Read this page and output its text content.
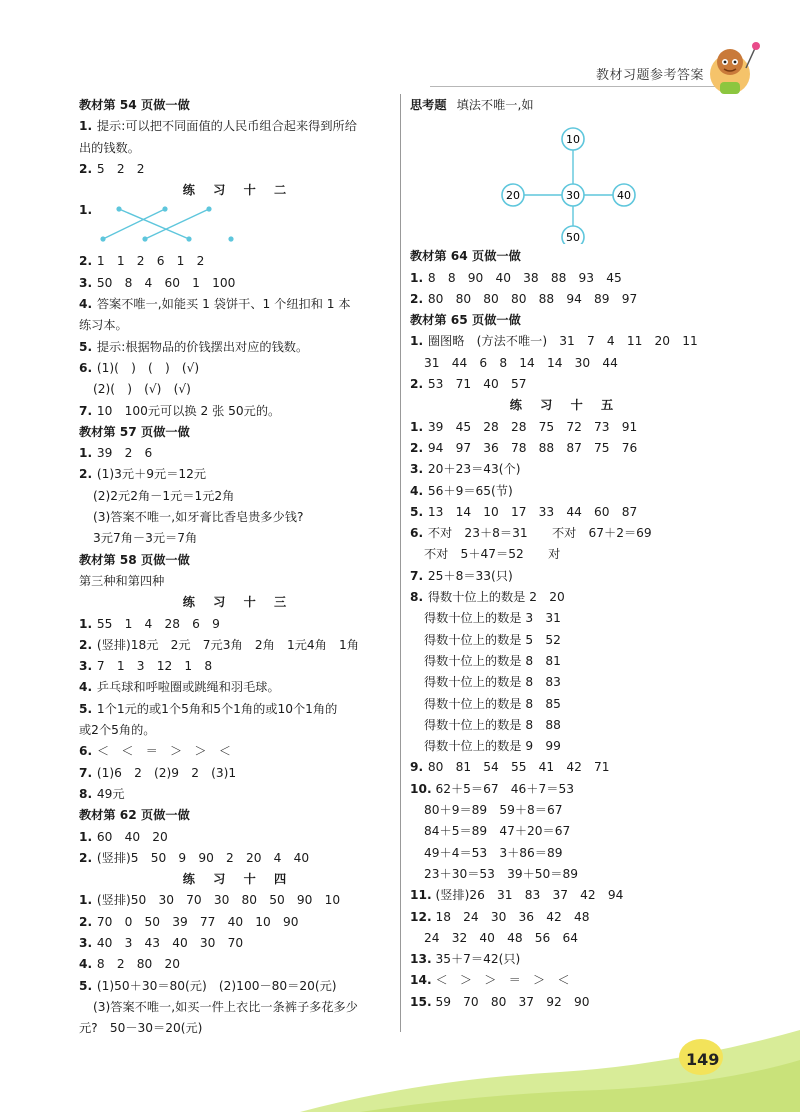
教材习题参考答案
教材第 54 页做一做
1. 提示:可以把不同面值的人民币组合起来得到所给
出的钱数。
2. 5　2　2
练 习 十 二
1.
2. 1　1　2　6　1　2
3. 50　8　4　60　1　100
4. 答案不唯一,如能买 1 袋饼干、1 个纽扣和 1 本
练习本。
5. 提示:根据物品的价钱摆出对应的钱数。
6. (1)(　)　(　)　(√)
(2)(　)　(√)　(√)
7. 10　100元可以换 2 张 50元的。
教材第 57 页做一做
1. 39　2　6
2. (1)3元＋9元＝12元
(2)2元2角－1元＝1元2角
(3)答案不唯一,如牙膏比香皂贵多少钱?
3元7角－3元＝7角
教材第 58 页做一做
第三种和第四种
练 习 十 三
1. 55　1　4　28　6　9
2. (竖排)18元　2元　7元3角　2角　1元4角　1角
3. 7　1　3　12　1　8
4. 乒乓球和呼啦圈或跳绳和羽毛球。
5. 1个1元的或1个5角和5个1角的或10个1角的
或2个5角的。
6. ＜　＜　＝　＞　＞　＜
7. (1)6　2　(2)9　2　(3)1
8. 49元
教材第 62 页做一做
1. 60　40　20
2. (竖排)5　50　9　90　2　20　4　40
练 习 十 四
1. (竖排)50　30　70　30　80　50　90　10
2. 70　0　50　39　77　40　10　90
3. 40　3　43　40　30　70
4. 8　2　80　20
5. (1)50＋30＝80(元)　(2)100－80＝20(元)
(3)答案不唯一,如买一件上衣比一条裤子多花多少
元?　50－30＝20(元)
思考题 填法不唯一,如
10
20	30	40
50
教材第 64 页做一做
1. 8　8　90　40　38　88　93　45
2. 80　80　80　80　88　94　89　97
教材第 65 页做一做
1. 圈图略　(方法不唯一)　31　7　4　11　20　11
31　44　6　8　14　14　30　44
2. 53　71　40　57
练 习 十 五
1. 39　45　28　28　75　72　73　91
2. 94　97　36　78　88　87　75　76
3. 20＋23＝43(个)
4. 56＋9＝65(节)
5. 13　14　10　17　33　44　60　87
6. 不对　23＋8＝31　　不对　67＋2＝69
不对　5＋47＝52　　对
7. 25＋8＝33(只)
8. 得数十位上的数是 2　20
得数十位上的数是 3　31
得数十位上的数是 5　52
得数十位上的数是 8　81
得数十位上的数是 8　83
得数十位上的数是 8　85
得数十位上的数是 8　88
得数十位上的数是 9　99
9. 80　81　54　55　41　42　71
10. 62＋5＝67　46＋7＝53
80＋9＝89　59＋8＝67
84＋5＝89　47＋20＝67
49＋4＝53　3＋86＝89
23＋30＝53　39＋50＝89
11. (竖排)26　31　83　37　42　94
12. 18　24　30　36　42　48
24　32　40　48　56　64
13. 35＋7＝42(只)
14. ＜　＞　＞　＝　＞　＜
15. 59　70　80　37　92　90
149
